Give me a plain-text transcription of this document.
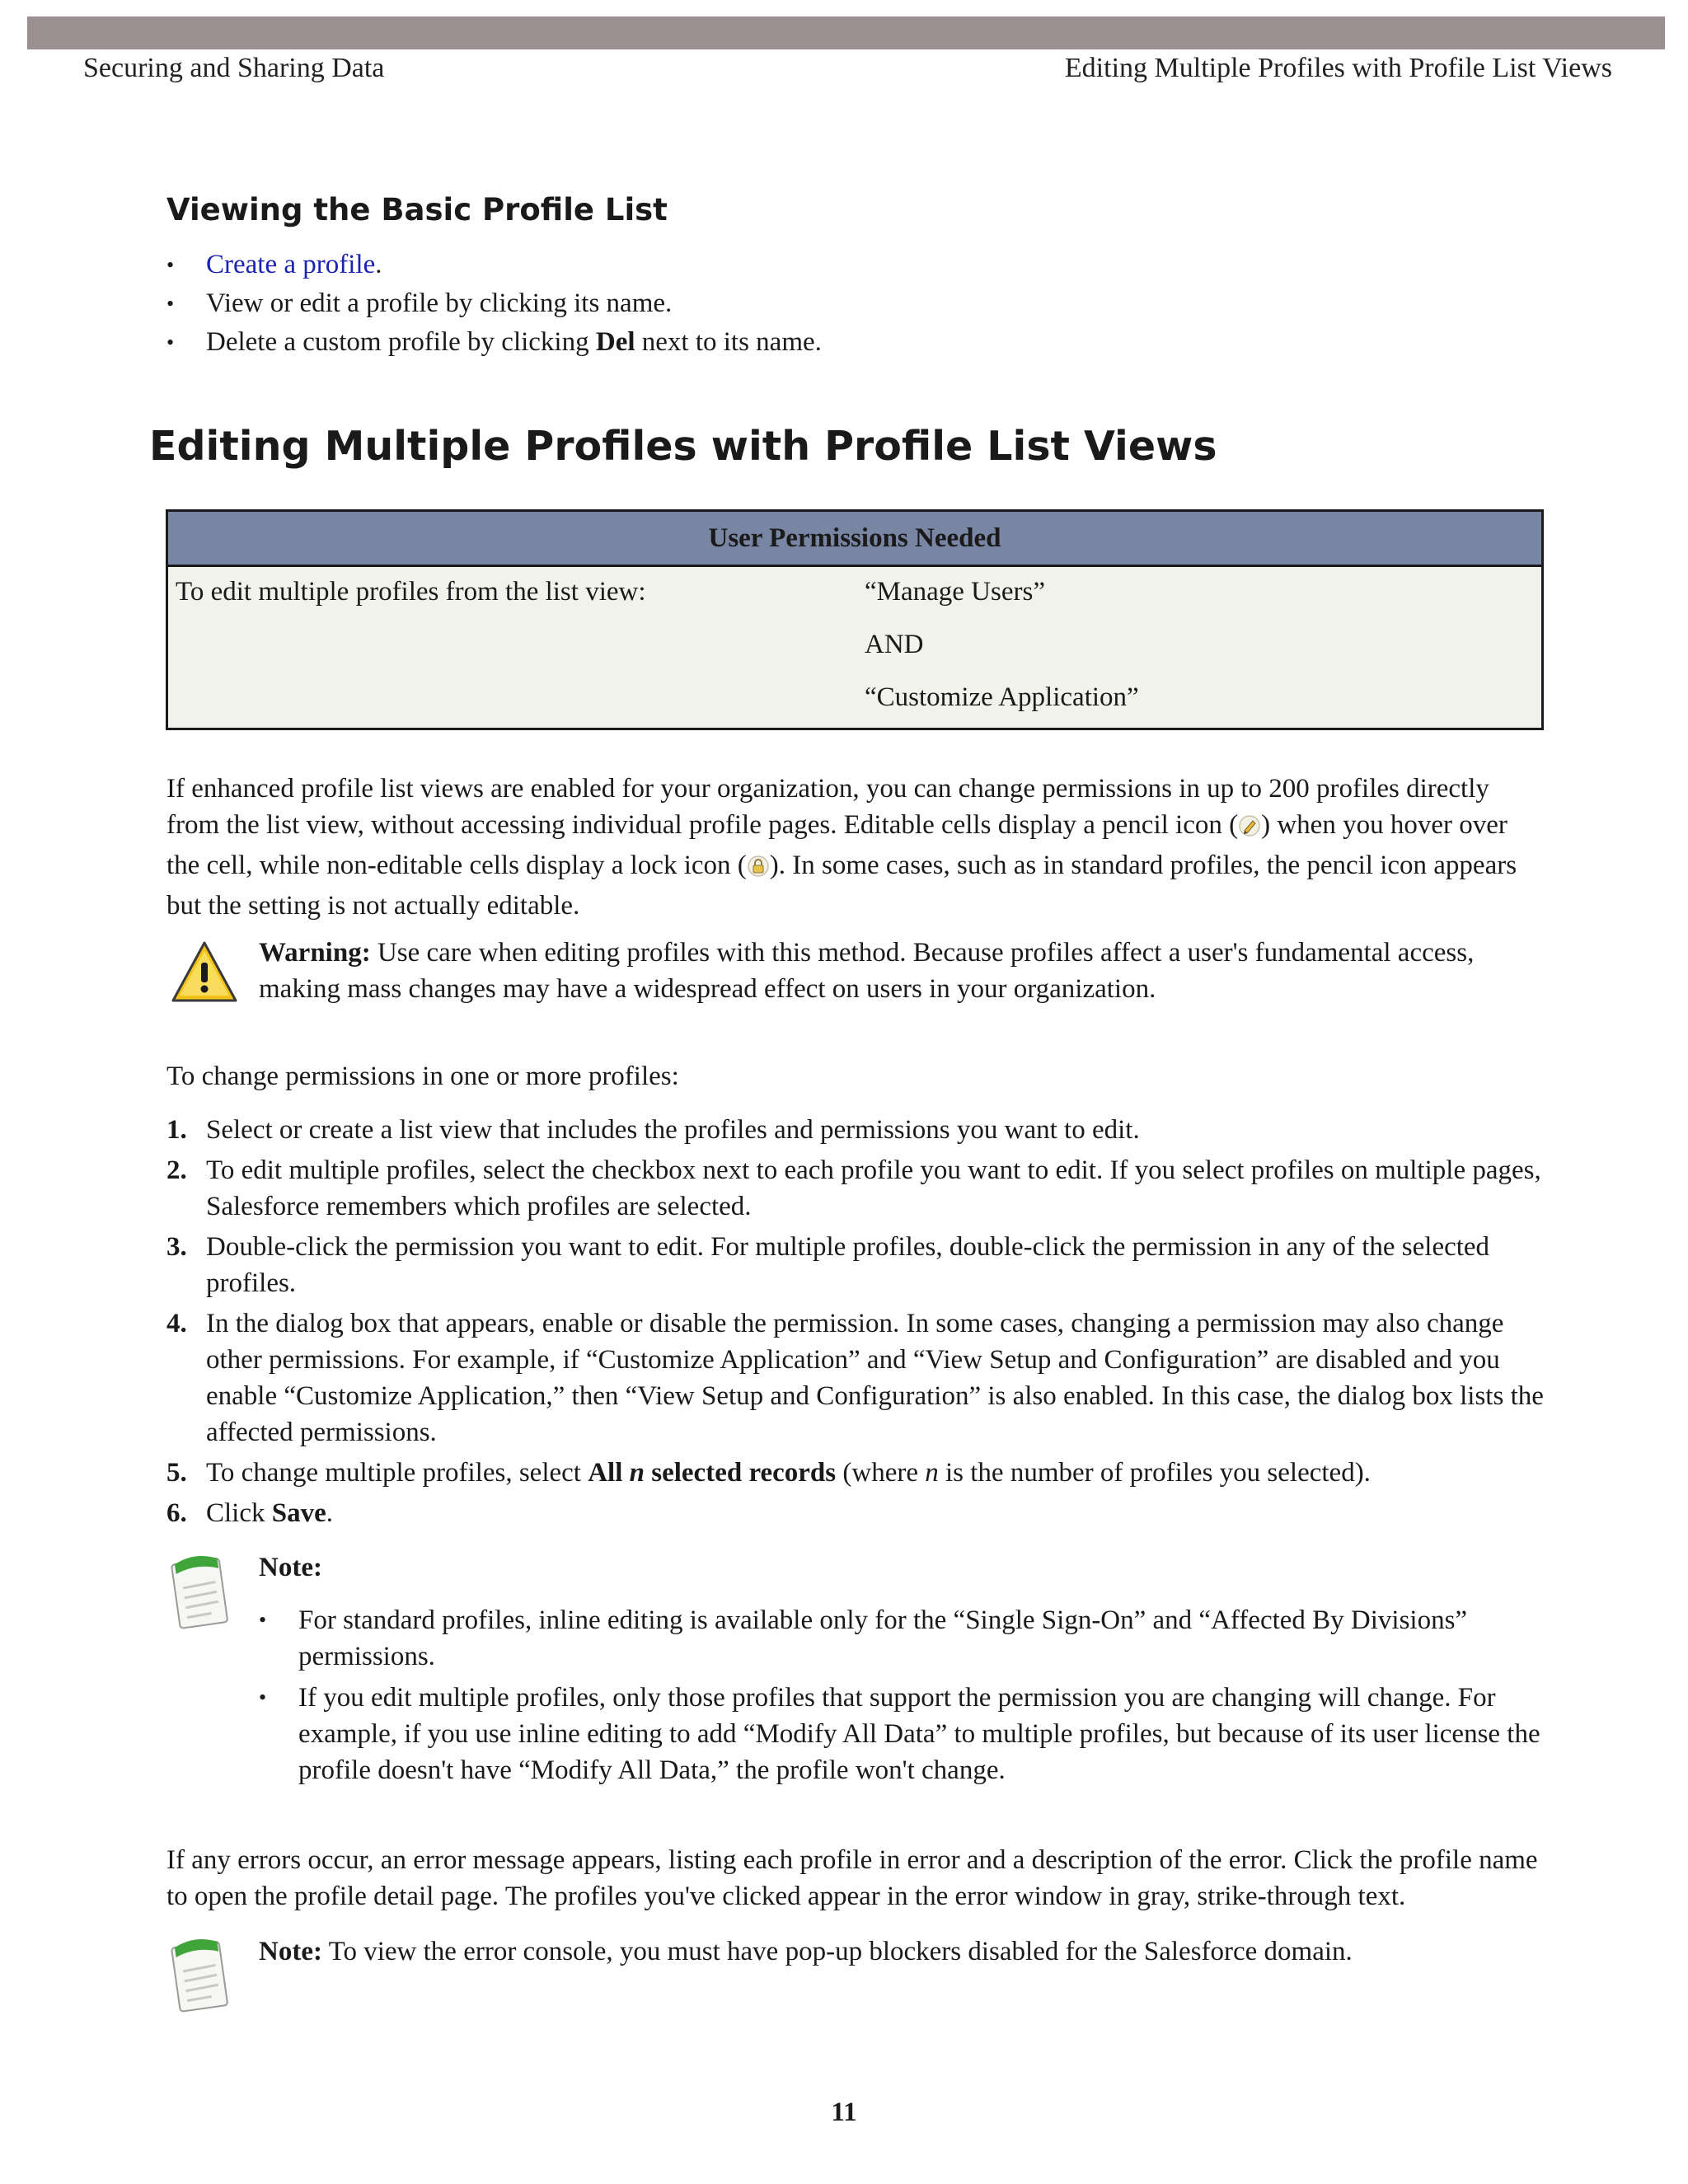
Securing and Sharing Data	Editing Multiple Profiles with Profile List Views
Viewing the Basic Profile List
• Create a profile.
• View or edit a profile by clicking its name.
• Delete a custom profile by clicking Del next to its name.
Editing Multiple Profiles with Profile List Views
User Permissions Needed
To edit multiple profiles from the list view:	“Manage Users”
AND
“Customize Application”
If enhanced profile list views are enabled for your organization, you can change permissions in up to 200 profiles directly from the list view, without accessing individual profile pages. Editable cells display a pencil icon ( ) when you hover over the cell, while non-editable cells display a lock icon ( ). In some cases, such as in standard profiles, the pencil icon appears but the setting is not actually editable.
Warning: Use care when editing profiles with this method. Because profiles affect a user's fundamental access, making mass changes may have a widespread effect on users in your organization.
To change permissions in one or more profiles:
1. Select or create a list view that includes the profiles and permissions you want to edit.
2. To edit multiple profiles, select the checkbox next to each profile you want to edit. If you select profiles on multiple pages, Salesforce remembers which profiles are selected.
3. Double-click the permission you want to edit. For multiple profiles, double-click the permission in any of the selected profiles.
4. In the dialog box that appears, enable or disable the permission. In some cases, changing a permission may also change other permissions. For example, if “Customize Application” and “View Setup and Configuration” are disabled and you enable “Customize Application,” then “View Setup and Configuration” is also enabled. In this case, the dialog box lists the affected permissions.
5. To change multiple profiles, select All n selected records (where n is the number of profiles you selected).
6. Click Save.
Note:
• For standard profiles, inline editing is available only for the “Single Sign-On” and “Affected By Divisions” permissions.
• If you edit multiple profiles, only those profiles that support the permission you are changing will change. For example, if you use inline editing to add “Modify All Data” to multiple profiles, but because of its user license the profile doesn't have “Modify All Data,” the profile won't change.
If any errors occur, an error message appears, listing each profile in error and a description of the error. Click the profile name to open the profile detail page. The profiles you've clicked appear in the error window in gray, strike-through text.
Note: To view the error console, you must have pop-up blockers disabled for the Salesforce domain.
11
